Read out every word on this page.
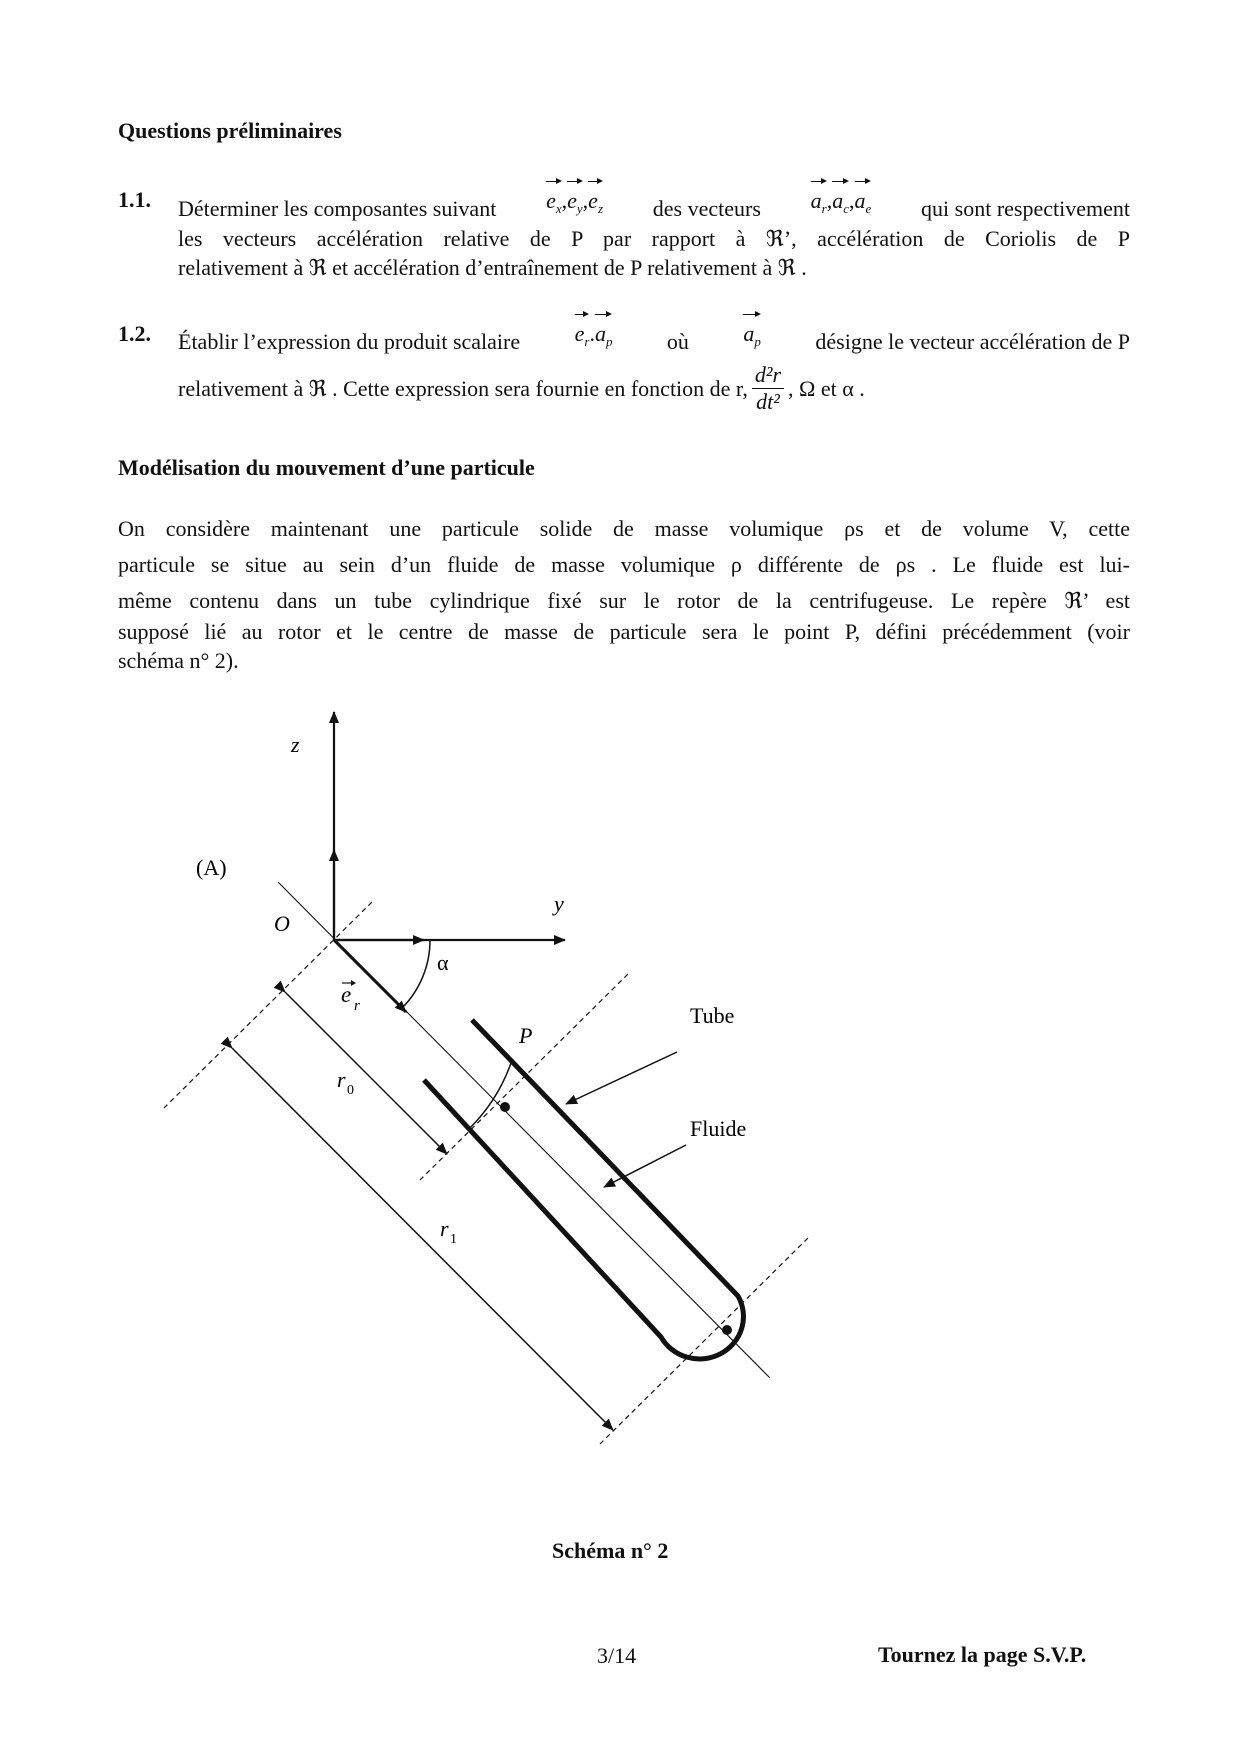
Questions préliminaires
1.1. Déterminer les composantes suivant $e_x,e_y,e_z$ des vecteurs $a_r,a_c,a_e$ qui sont respectivement
les vecteurs accélération relative de P par rapport à ℜ’, accélération de Coriolis de P
relativement à ℜ et accélération d’entraînement de P relativement à ℜ .
1.2. Établir l’expression du produit scalaire $e_r.a_p$ où $a_p$ désigne le vecteur accélération de P
relativement à ℜ . Cette expression sera fournie en fonction de r, $\frac{\text{d²r}}{\text{dt²}}$ , Ω et α .
Modélisation du mouvement d’une particule
On considère maintenant une particule solide de masse volumique ρs et de volume V, cette
particule se situe au sein d’un fluide de masse volumique ρ différente de ρs . Le fluide est lui-
même contenu dans un tube cylindrique fixé sur le rotor de la centrifugeuse. Le repère ℜ’ est
supposé lié au rotor et le centre de masse de particule sera le point P, défini précédemment (voir
schéma n° 2).
z
y
(A)
O
α
e r
P
r 0
r 1
Tube
Fluide
Schéma n° 2
3/14	Tournez la page S.V.P.
